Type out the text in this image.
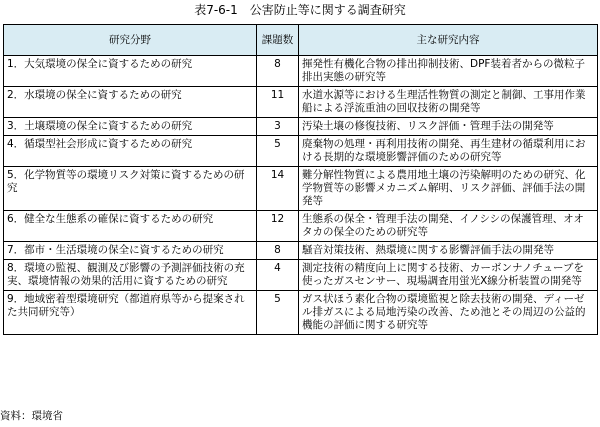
表7-6-1　公害防止等に関する調査研究
研究分野	課題数	主な研究内容
1．大気環境の保全に資するための研究	8	揮発性有機化合物の排出抑制技術、DPF装着者からの微粒子排出実態の研究等
2．水環境の保全に資するための研究	11	水道水源等における生理活性物質の測定と制御、工事用作業船による浮流重油の回収技術の開発等
3．土壌環境の保全に資するための研究	3	汚染土壌の修復技術、リスク評価・管理手法の開発等
4．循環型社会形成に資するための研究	5	廃棄物の処理・再利用技術の開発、再生建材の循環利用における長期的な環境影響評価のための研究等
5．化学物質等の環境リスク対策に資するための研究	14	難分解性物質による農用地土壌の汚染解明のための研究、化学物質等の影響メカニズム解明、リスク評価、評価手法の開発等
6．健全な生態系の確保に資するための研究	12	生態系の保全・管理手法の開発、イノシシの保護管理、オオタカの保全のための研究等
7．都市・生活環境の保全に資するための研究	8	騒音対策技術、熱環境に関する影響評価手法の開発等
8．環境の監視、観測及び影響の予測評価技術の充実、環境情報の効果的活用に資するための研究	4	測定技術の精度向上に関する技術、カーボンナノチューブを使ったガスセンサー、現場調査用蛍光X線分析装置の開発等
9．地域密着型環境研究（都道府県等から提案された共同研究等）	5	ガス状ほう素化合物の環境監視と除去技術の開発、ディーゼル排ガスによる局地汚染の改善、ため池とその周辺の公益的機能の評価に関する研究等
資料：環境省
